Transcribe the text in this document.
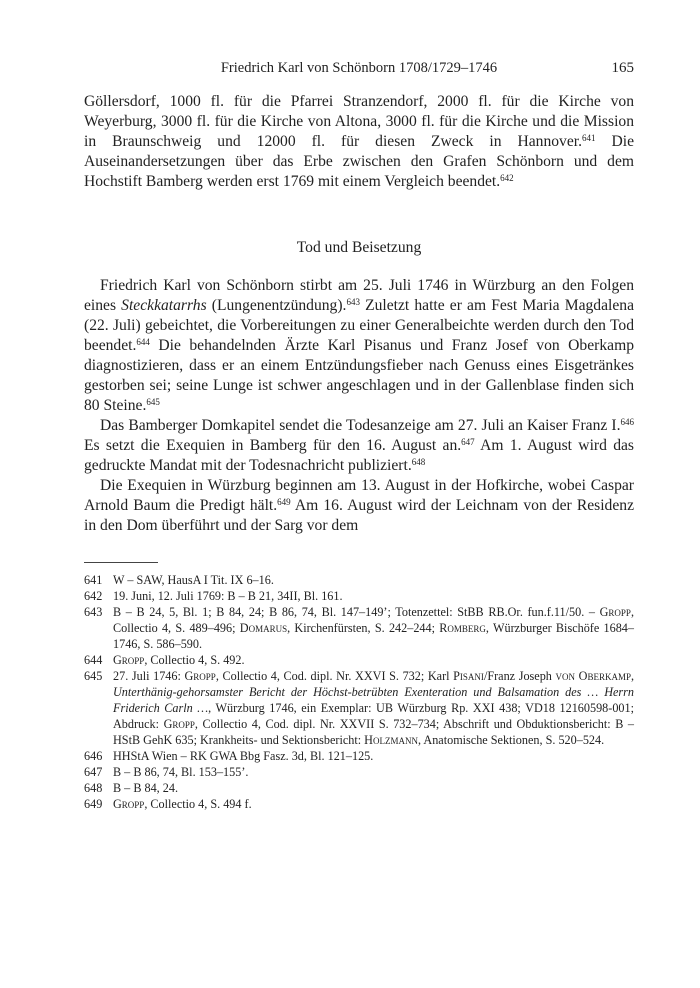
Friedrich Karl von Schönborn 1708/1729–1746	165

Göllersdorf, 1000 fl. für die Pfarrei Stranzendorf, 2000 fl. für die Kirche von Weyerburg, 3000 fl. für die Kirche von Altona, 3000 fl. für die Kirche und die Mission in Braunschweig und 12000 fl. für diesen Zweck in Hannover.$^{641}$ Die Auseinandersetzungen über das Erbe zwischen den Grafen Schönborn und dem Hochstift Bamberg werden erst 1769 mit einem Vergleich beendet.$^{642}$

Tod und Beisetzung

Friedrich Karl von Schönborn stirbt am 25. Juli 1746 in Würzburg an den Folgen eines Steckkatarrhs (Lungenentzündung).$^{643}$ Zuletzt hatte er am Fest Maria Magdalena (22. Juli) gebeichtet, die Vorbereitungen zu einer Generalbeichte werden durch den Tod beendet.$^{644}$ Die behandelnden Ärzte Karl Pisanus und Franz Josef von Oberkamp diagnostizieren, dass er an einem Entzündungsfieber nach Genuss eines Eisgetränkes gestorben sei; seine Lunge ist schwer angeschlagen und in der Gallenblase finden sich 80 Steine.$^{645}$

Das Bamberger Domkapitel sendet die Todesanzeige am 27. Juli an Kaiser Franz I.$^{646}$ Es setzt die Exequien in Bamberg für den 16. August an.$^{647}$ Am 1. August wird das gedruckte Mandat mit der Todesnachricht publiziert.$^{648}$

Die Exequien in Würzburg beginnen am 13. August in der Hofkirche, wobei Caspar Arnold Baum die Predigt hält.$^{649}$ Am 16. August wird der Leichnam von der Residenz in den Dom überführt und der Sarg vor dem

641 W – SAW, HausA I Tit. IX 6–16.
642 19. Juni, 12. Juli 1769: B – B 21, 34II, Bl. 161.
643 B – B 24, 5, Bl. 1; B 84, 24; B 86, 74, Bl. 147–149’; Totenzettel: StBB RB.Or. fun.f.11/50. – Gropp, Collectio 4, S. 489–496; Domarus, Kirchenfürsten, S. 242–244; Romberg, Würzburger Bischöfe 1684–1746, S. 586–590.
644 Gropp, Collectio 4, S. 492.
645 27. Juli 1746: Gropp, Collectio 4, Cod. dipl. Nr. XXVI S. 732; Karl Pisani/Franz Joseph von Oberkamp, Unterthänig-gehorsamster Bericht der Höchst-betrübten Exenteration und Balsamation des … Herrn Friderich Carln …, Würzburg 1746, ein Exemplar: UB Würzburg Rp. XXI 438; VD18 12160598-001; Abdruck: Gropp, Collectio 4, Cod. dipl. Nr. XXVII S. 732–734; Abschrift und Obduktionsbericht: B – HStB GehK 635; Krankheits- und Sektionsbericht: Holzmann, Anatomische Sektionen, S. 520–524.
646 HHStA Wien – RK GWA Bbg Fasz. 3d, Bl. 121–125.
647 B – B 86, 74, Bl. 153–155’.
648 B – B 84, 24.
649 Gropp, Collectio 4, S. 494 f.
